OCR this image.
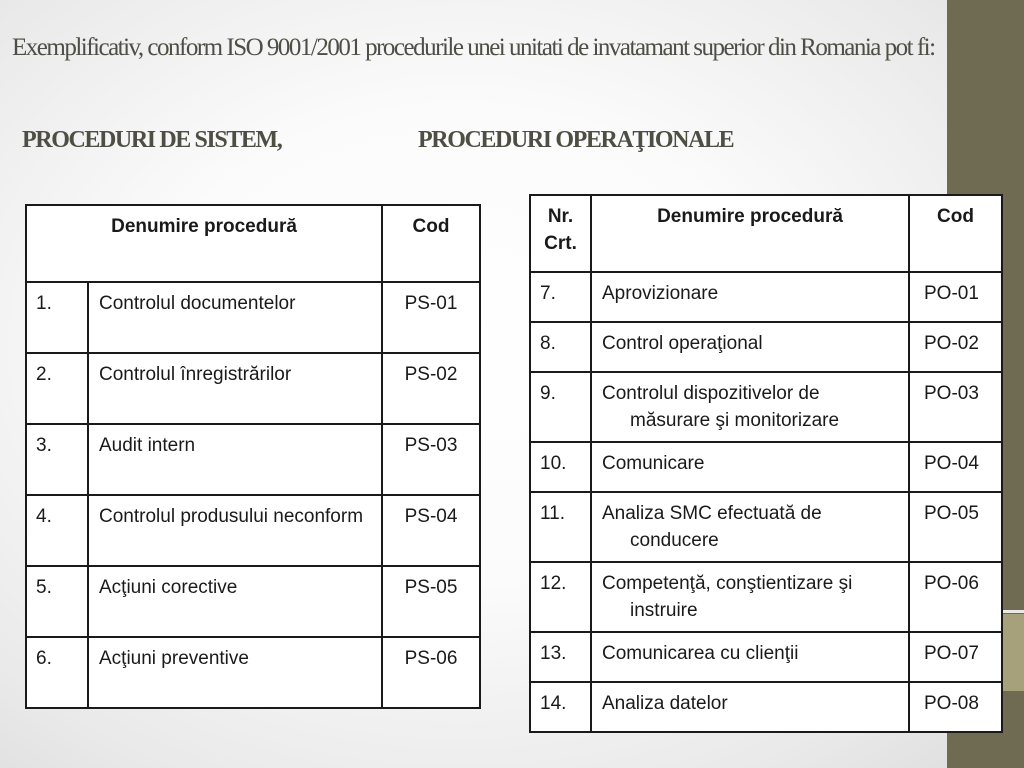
Exemplificativ, conform ISO 9001/2001 procedurile unei unitati de invatamant superior din Romania pot fi:
PROCEDURI DE SISTEM,	PROCEDURI OPERAŢIONALE
Denumire procedură		Cod
1.	Controlul documentelor	PS-01
2.	Controlul înregistrărilor	PS-02
3.	Audit intern	PS-03
4.	Controlul produsului neconform	PS-04
5.	Acţiuni corective	PS-05
6.	Acţiuni preventive	PS-06
Nr. Crt.	Denumire procedură	Cod
7.	Aprovizionare	PO-01
8.	Control operaţional	PO-02
9.	Controlul dispozitivelor de măsurare şi monitorizare	PO-03
10.	Comunicare	PO-04
11.	Analiza SMC efectuată de conducere	PO-05
12.	Competenţă, conştientizare şi instruire	PO-06
13.	Comunicarea cu clienţii	PO-07
14.	Analiza datelor	PO-08
